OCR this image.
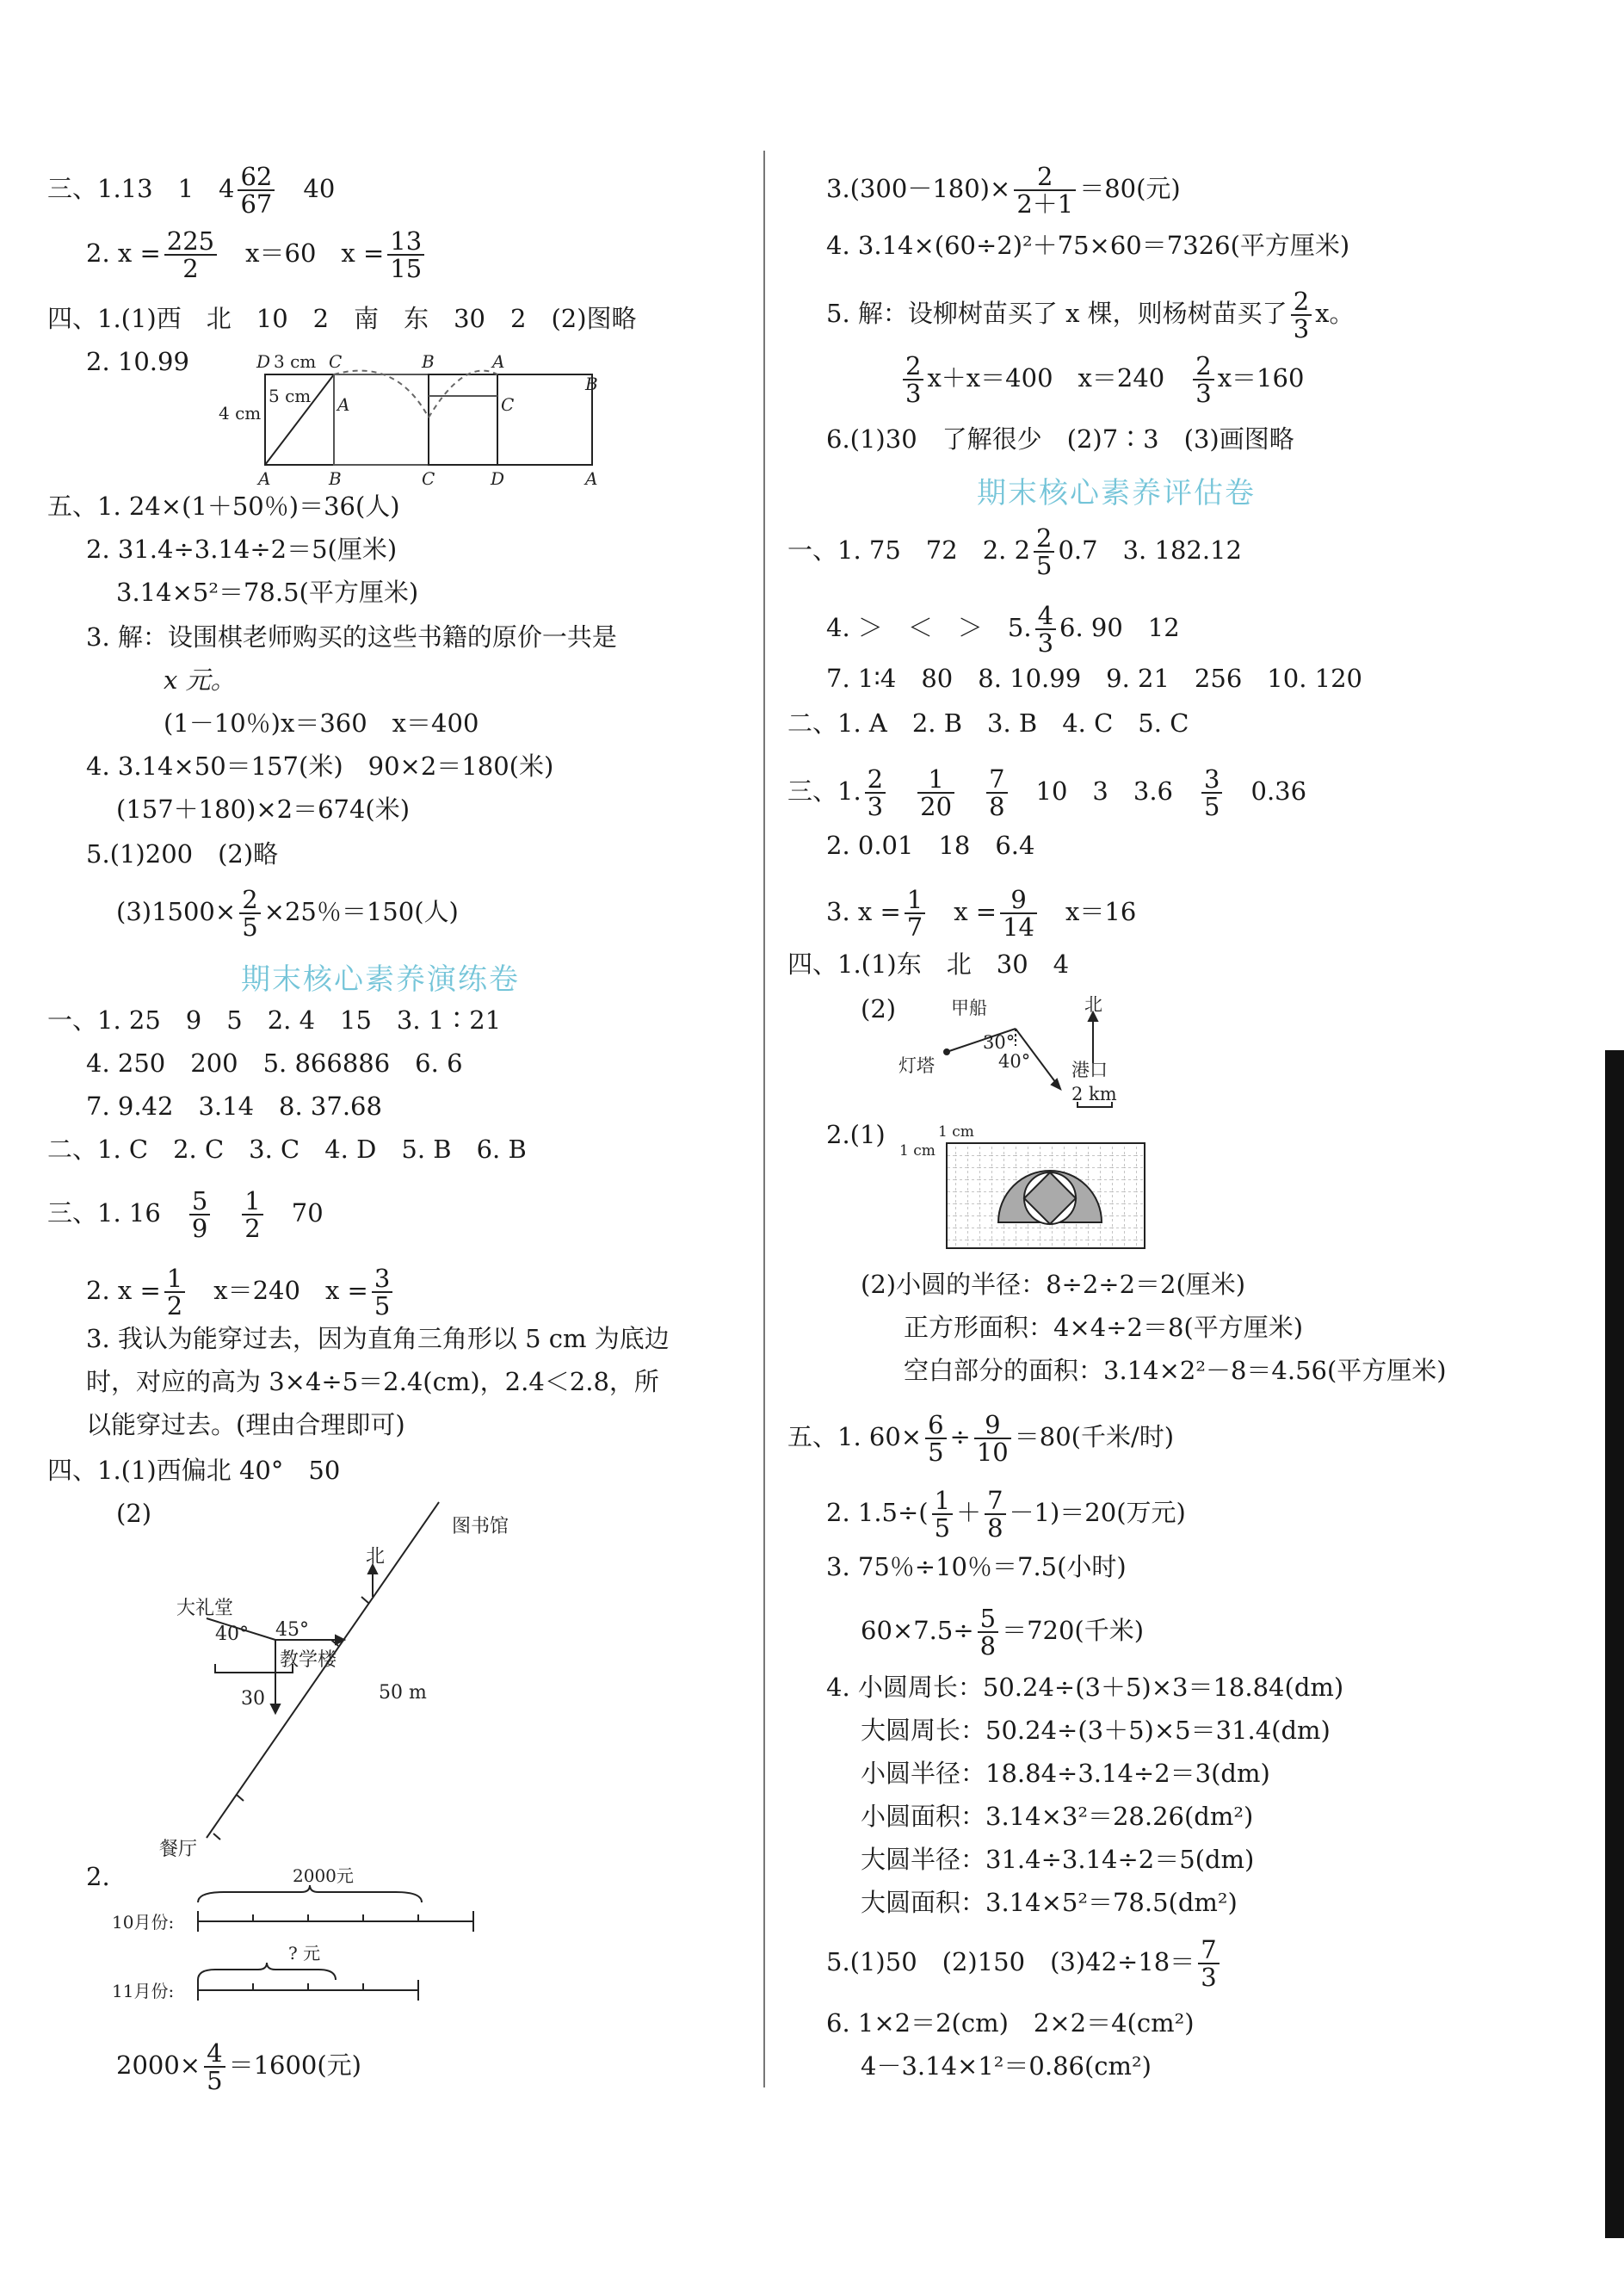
三、1.13　1　$4 \frac{62}{67}$
　 40
2. $x = \frac{225}{2}$
　 x＝60　$x = \frac{13}{15}$
四、1.(1)西　北　10　2　南　东　30　2　(2)图略
2. 10.99	D 3 cm C	B	A
B
5 cm A	C
4 cm
A	B	C	D	A
五、1. 24×(1＋50％)＝36(人)
2. 31.4÷3.14÷2＝5(厘米)
3.14×5²＝78.5(平方厘米)
3. 解：设围棋老师购买的这些书籍的原价一共是
x 元。
(1－10％)x＝360　x＝400
4. 3.14×50＝157(米)　90×2＝180(米)
(157＋180)×2＝674(米)
5.(1)200　(2)略
$(3)1500\times \frac{2}{5} \times 25$％＝150(人)
期末核心素养演练卷
一、1. 25　9　5　2. 4　15　3. 1∶21
4. 250　200　5. 866886　6. 6
7. 9.42　3.14　8. 37.68
二、1. C　2. C　3. C　4. D　5. B　6. B
三、1. 16　 $\frac{5}{9}$
　 $\frac{1}{2}$
　 70
2. $x = \frac{1}{2}$
　 x＝240　$x = \frac{3}{5}$
3. 我认为能穿过去，因为直角三角形以 5 cm 为底边
时，对应的高为 3×4÷5＝2.4(cm)，2.4＜2.8，所
以能穿过去。(理由合理即可)
四、1.(1)西偏北 40°　50
(2)	图书馆
北
大礼堂
45°
40°
教学楼
30	50 m
餐厅
2.	2000元
10月份:
? 元
11月份:
$2000\times \frac{4}{5} =1600$(元)
$3.(300-180)\times \frac{2}{2+1} =80$(元)
4. 3.14×(60÷2)²＋75×60＝7326(平方厘米)
5. 解：设柳树苗买了 x 棵，则杨树苗买了 $\frac{2}{3}$ x。
$\frac{2}{3} x+x=400$　x＝240　 $\frac{2}{3} x=160$
6.(1)30　了解很少　(2)7∶3　(3)画图略
期末核心素养评估卷
一、1. 75　72　2. $2 \frac{2}{5} 0.7$　3. 182.12
4. ＞　＜　＞　5. $\frac{4}{3} 6$. 90　12
7. 1∶4　80　8. 10.99　9. 21　256　10. 120
二、1. A　2. B　3. B　4. C　5. C
三、1. $\frac{2}{3}$
　 $\frac{1}{20}$
　 $\frac{7}{8}$
　 10　3　3.6　 $\frac{3}{5}$
　 0.36
2. 0.01　18　6.4
3. $x = \frac{1}{7}$
　 $x = \frac{9}{14}$
　 x＝16
四、1.(1)东　北　30　4
(2)	甲船	北
30°
灯塔	40° 港口
2 km
2.(1)	1 cm
1 cm
(2)小圆的半径：8÷2÷2＝2(厘米)
正方形面积：4×4÷2＝8(平方厘米)
空白部分的面积：3.14×2²－8＝4.56(平方厘米)
五、1. $60\times \frac{6}{5} \div \frac{9}{10} =80$(千米/时)
2. $1.5\div( \frac{1}{5} + \frac{7}{8} -1)=20$(万元)
3. 75％÷10％＝7.5(小时)
$60\times 7.5\div \frac{5}{8} =720$(千米)
4. 小圆周长：50.24÷(3＋5)×3＝18.84(dm)
大圆周长：50.24÷(3＋5)×5＝31.4(dm)
小圆半径：18.84÷3.14÷2＝3(dm)
小圆面积：3.14×3²＝28.26(dm²)
大圆半径：31.4÷3.14÷2＝5(dm)
大圆面积：3.14×5²＝78.5(dm²)
5.(1)50　(2)150　$(3)42\div 18= \frac{7}{3}$
6. 1×2＝2(cm)　2×2＝4(cm²)
4－3.14×1²＝0.86(cm²)
